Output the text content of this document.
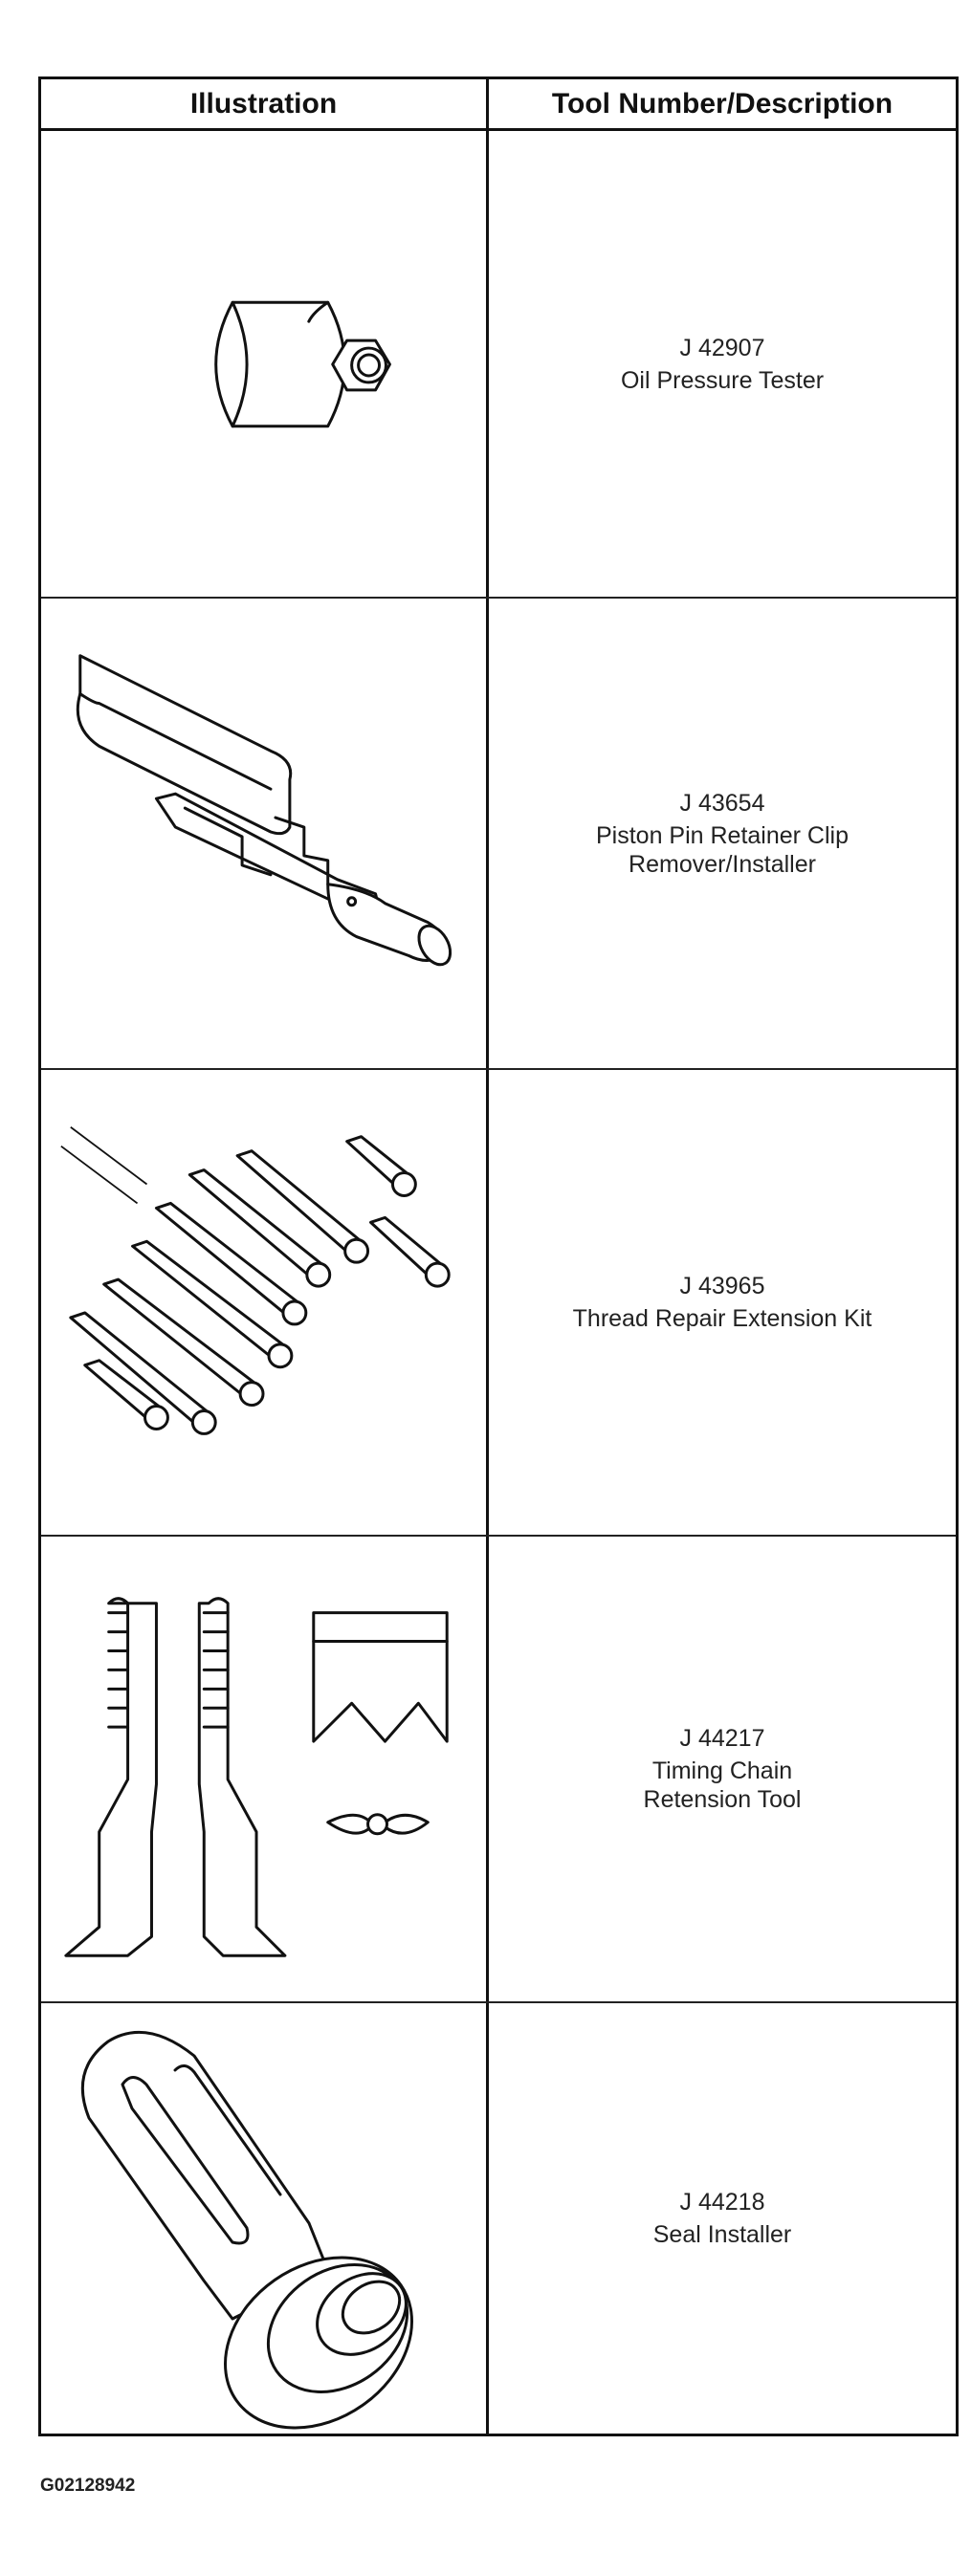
Illustration	Tool Number/Description
J 42907
Oil Pressure Tester
J 43654
Piston Pin Retainer Clip
Remover/Installer
J 43965
Thread Repair Extension Kit
J 44217
Timing Chain
Retension Tool
J 44218
Seal Installer
G02128942
